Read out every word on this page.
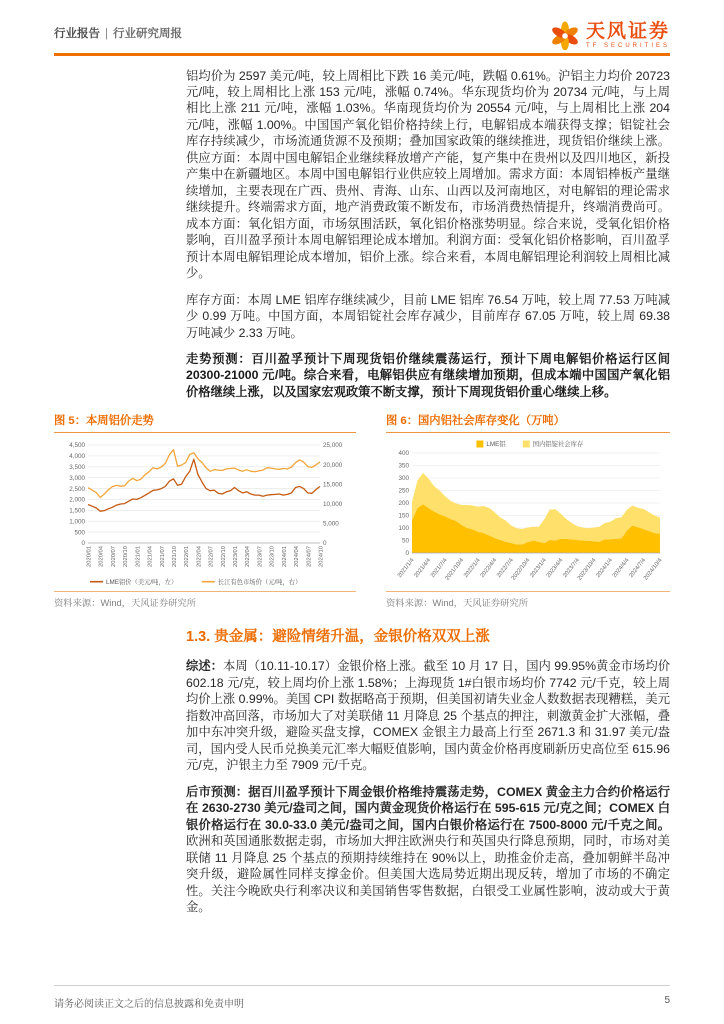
行业报告 | 行业研究周报	天风证券
TF SECURITIES

铝均价为 2597 美元/吨，较上周相比下跌 16 美元/吨，跌幅 0.61%。沪铝主力均价 20723 元/吨，较上周相比上涨 153 元/吨，涨幅 0.74%。华东现货均价为 20734 元/吨，与上周相比上涨 211 元/吨，涨幅 1.03%。华南现货均价为 20554 元/吨，与上周相比上涨 204 元/吨，涨幅 1.00%。中国国产氧化铝价格持续上行，电解铝成本端获得支撑；铝锭社会库存持续减少，市场流通货源不及预期；叠加国家政策的继续推进，现货铝价继续上涨。供应方面：本周中国电解铝企业继续释放增产产能，复产集中在贵州以及四川地区，新投产集中在新疆地区。本周中国电解铝行业供应较上周增加。需求方面：本周铝棒板产量继续增加，主要表现在广西、贵州、青海、山东、山西以及河南地区，对电解铝的理论需求继续提升。终端需求方面，地产消费政策不断发布，市场消费热情提升，终端消费尚可。成本方面：氧化铝方面，市场氛围活跃，氧化铝价格涨势明显。综合来说，受氧化铝价格影响，百川盈孚预计本周电解铝理论成本增加。利润方面：受氧化铝价格影响，百川盈孚预计本周电解铝理论成本增加，铝价上涨。综合来看，本周电解铝理论利润较上周相比减少。

库存方面：本周 LME 铝库存继续减少，目前 LME 铝库 76.54 万吨，较上周 77.53 万吨减少 0.99 万吨。中国方面，本周铝锭社会库存减少，目前库存 67.05 万吨，较上周 69.38 万吨减少 2.33 万吨。

走势预测：百川盈孚预计下周现货铝价继续震荡运行，预计下周电解铝价格运行区间 20300-21000 元/吨。综合来看，电解铝供应有继续增加预期，但成本端中国国产氧化铝价格继续上涨，以及国家宏观政策不断支撑，预计下周现货铝价重心继续上移。

图 5：本周铝价走势
0
500
1,000
1,500
2,000
2,500
3,000
3,500
4,000
4,500
0
5,000
10,000
15,000
20,000
25,000
2020/01 2020/04 2020/07 2020/10 2021/01 2021/04 2021/07 2021/10 2022/01 2022/04 2022/07 2022/10 2023/01 2023/04 2023/07 2023/10 2024/01 2024/04 2024/07 2024/10
LME铝价（美元/吨，左）	长江有色市场价（元/吨，右）
资料来源：Wind，天风证券研究所
图 6：国内铝社会库存变化（万吨）
0
50
100
150
200
250
300
350
400
2021/1/4
2021/4/4
2021/7/4
2021/10/4
2022/1/4
2022/4/4
2022/7/4
2022/10/4
2023/1/4
2023/4/4
2023/7/4
2023/10/4
2024/1/4
2024/4/4
2024/7/4
2024/10/4
LME铝	国内铝锭社会库存
资料来源：Wind，天风证券研究所
1.3. 贵金属：避险情绪升温，金银价格双双上涨

综述：本周（10.11-10.17）金银价格上涨。截至 10 月 17 日，国内 99.95%黄金市场均价 602.18 元/克，较上周均价上涨 1.58%；上海现货 1#白银市场均价 7742 元/千克，较上周均价上涨 0.99%。美国 CPI 数据略高于预期，但美国初请失业金人数数据表现糟糕，美元指数冲高回落，市场加大了对美联储 11 月降息 25 个基点的押注，刺激黄金扩大涨幅，叠加中东冲突升级，避险买盘支撑，COMEX 金银主力最高上行至 2671.3 和 31.97 美元/盎司，国内受人民币兑换美元汇率大幅贬值影响，国内黄金价格再度刷新历史高位至 615.96 元/克，沪银主力至 7909 元/千克。

后市预测：据百川盈孚预计下周金银价格维持震荡走势，COMEX 黄金主力合约价格运行在 2630-2730 美元/盎司之间，国内黄金现货价格运行在 595-615 元/克之间；COMEX 白银价格运行在 30.0-33.0 美元/盎司之间，国内白银价格运行在 7500-8000 元/千克之间。欧洲和英国通胀数据走弱，市场加大押注欧洲央行和英国央行降息预期，同时，市场对美联储 11 月降息 25 个基点的预期持续维持在 90%以上，助推金价走高，叠加朝鲜半岛冲突升级，避险属性同样支撑金价。但美国大选局势近期出现反转，增加了市场的不确定性。关注今晚欧央行利率决议和美国销售零售数据，白银受工业属性影响，波动或大于黄金。

请务必阅读正文之后的信息披露和免责申明	5
